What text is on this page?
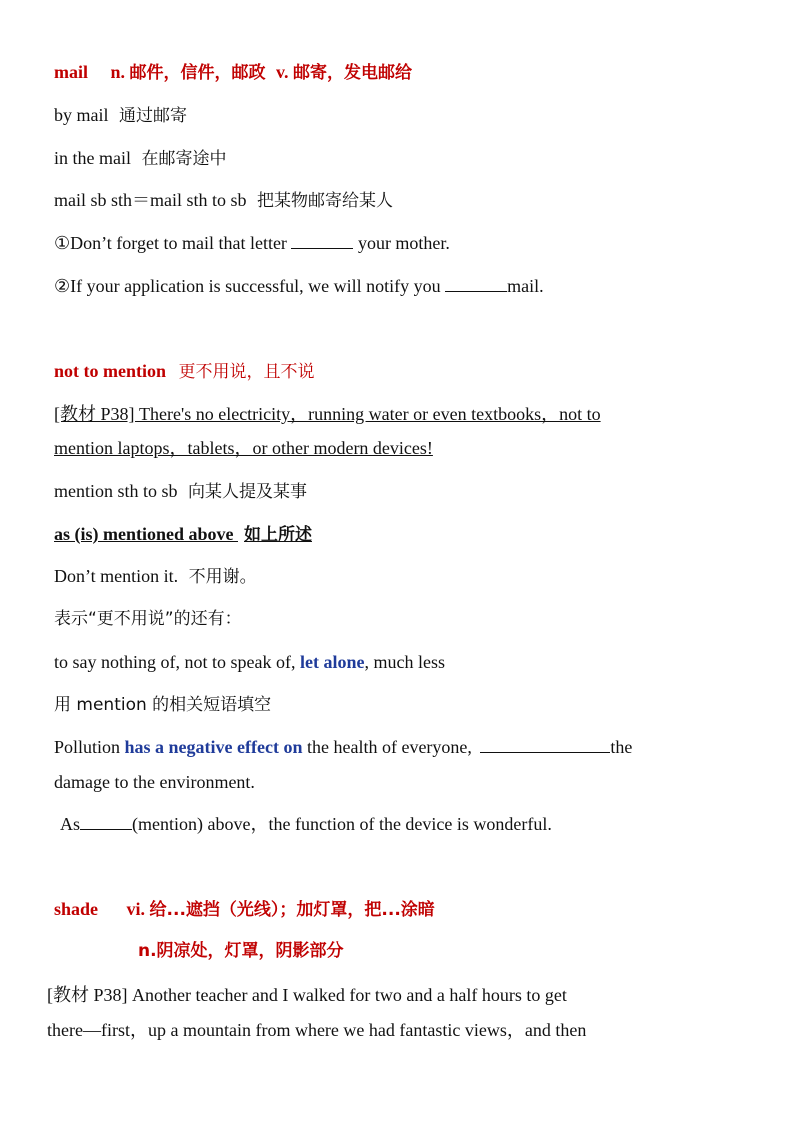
mail n. 邮件，信件，邮政 v. 邮寄，发电邮给
by mail 通过邮寄
in the mail 在邮寄途中
mail sb sth＝mail sth to sb 把某物邮寄给某人
①Don’t forget to mail that letter	your mother.
②If your application is successful, we will notify you	mail.
not to mention 更不用说，且不说
[教材 P38] There's no electricity，running water or even textbooks，not to
mention laptops，tablets，or other modern devices!
mention sth to sb 向某人提及某事
as (is) mentioned above 如上所述
Don’t mention it. 不用谢。
表示“更不用说”的还有：
to say nothing of, not to speak of, let alone, much less
用 mention 的相关短语填空
Pollution has a negative effect on the health of everyone,	the
damage to the environment.
As	(mention) above，the function of the device is wonderful.
shade vi. 给...遮挡（光线）；加灯罩，把...涂暗
n.阴凉处，灯罩，阴影部分
[教材 P38] Another teacher and I walked for two and a half hours to get
there—first，up a mountain from where we had fantastic views，and then
